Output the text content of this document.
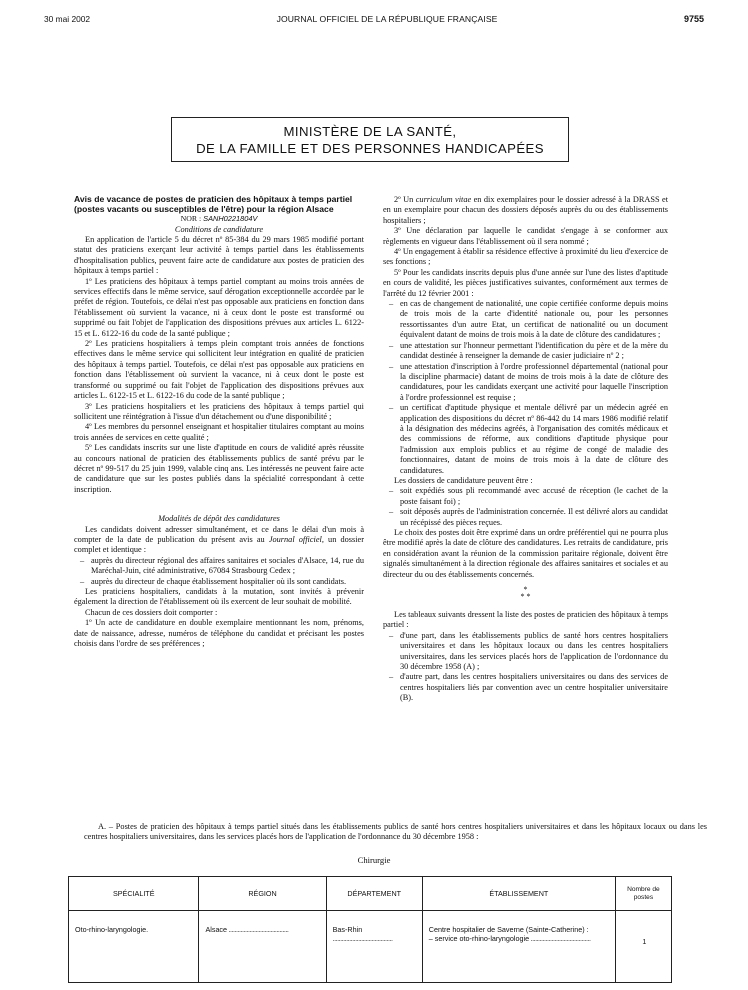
30 mai 2002	JOURNAL OFFICIEL DE LA RÉPUBLIQUE FRANÇAISE	9755
MINISTÈRE DE LA SANTÉ,
DE LA FAMILLE ET DES PERSONNES HANDICAPÉES

Avis de vacance de postes de praticien des hôpitaux à temps partiel (postes vacants ou susceptibles de l'être) pour la région Alsace

NOR : SANH0221804V

Conditions de candidature

En application de l'article 5 du décret nº 85-384 du 29 mars 1985 modifié portant statut des praticiens exerçant leur activité à temps partiel dans les établissements d'hospitalisation publics, peuvent faire acte de candidature aux postes de praticien des hôpitaux à temps partiel :

1º Les praticiens des hôpitaux à temps partiel comptant au moins trois années de services effectifs dans le même service, sauf dérogation exceptionnelle accordée par le préfet de région. Toutefois, ce délai n'est pas opposable aux praticiens en fonction dans l'établissement où survient la vacance, ni à ceux dont le poste est transformé ou supprimé ou fait l'objet de l'application des dispositions prévues aux articles L. 6122-15 et L. 6122-16 du code de la santé publique ;

2º Les praticiens hospitaliers à temps plein comptant trois années de fonctions effectives dans le même service qui sollicitent leur intégration en qualité de praticien des hôpitaux à temps partiel. Toutefois, ce délai n'est pas opposable aux praticiens en fonction dans l'établissement où survient la vacance, ni à ceux dont le poste est transformé ou supprimé ou fait l'objet de l'application des dispositions prévues aux articles L. 6122-15 et L. 6122-16 du code de la santé publique ;

3º Les praticiens hospitaliers et les praticiens des hôpitaux à temps partiel qui sollicitent une réintégration à l'issue d'un détachement ou d'une disponibilité ;

4º Les membres du personnel enseignant et hospitalier titulaires comptant au moins trois années de services en cette qualité ;

5º Les candidats inscrits sur une liste d'aptitude en cours de validité après réussite au concours national de praticien des établissements publics de santé prévu par le décret nº 99-517 du 25 juin 1999, valable cinq ans. Les intéressés ne peuvent faire acte de candidature que sur les postes publiés dans la spécialité correspondant à cette inscription.

Modalités de dépôt des candidatures

Les candidats doivent adresser simultanément, et ce dans le délai d'un mois à compter de la date de publication du présent avis au Journal officiel, un dossier complet et identique :

– auprès du directeur régional des affaires sanitaires et sociales d'Alsace, 14, rue du Maréchal-Juin, cité administrative, 67084 Strasbourg Cedex ;

– auprès du directeur de chaque établissement hospitalier où ils sont candidats.

Les praticiens hospitaliers, candidats à la mutation, sont invités à prévenir également la direction de l'établissement où ils exercent de leur souhait de mobilité.

Chacun de ces dossiers doit comporter :

1º Un acte de candidature en double exemplaire mentionnant les nom, prénoms, date de naissance, adresse, numéros de téléphone du candidat et précisant les postes choisis dans l'ordre de ses préférences ;

2º Un curriculum vitae en dix exemplaires pour le dossier adressé à la DRASS et en un exemplaire pour chacun des dossiers déposés auprès du ou des établissements hospitaliers ;

3º Une déclaration par laquelle le candidat s'engage à se conformer aux règlements en vigueur dans l'établissement où il sera nommé ;

4º Un engagement à établir sa résidence effective à proximité du lieu d'exercice de ses fonctions ;

5º Pour les candidats inscrits depuis plus d'une année sur l'une des listes d'aptitude en cours de validité, les pièces justificatives suivantes, conformément aux termes de l'arrêté du 12 février 2001 :

– en cas de changement de nationalité, une copie certifiée conforme depuis moins de trois mois de la carte d'identité nationale ou, pour les personnes ressortissantes d'un autre Etat, un certificat de nationalité ou un document équivalent datant de moins de trois mois à la date de clôture des candidatures ;

– une attestation sur l'honneur permettant l'identification du père et de la mère du candidat destinée à renseigner la demande de casier judiciaire nº 2 ;

– une attestation d'inscription à l'ordre professionnel départemental (national pour la discipline pharmacie) datant de moins de trois mois à la date de clôture des candidatures, pour les candidats exerçant une activité pour laquelle l'inscription à l'ordre professionnel est requise ;

– un certificat d'aptitude physique et mentale délivré par un médecin agréé en application des dispositions du décret nº 86-442 du 14 mars 1986 modifié relatif à la désignation des médecins agréés, à l'organisation des comités médicaux et des commissions de réforme, aux conditions d'aptitude physique pour l'admission aux emplois publics et au régime de congé de maladie des fonctionnaires, datant de moins de trois mois à la date de clôture des candidatures.

Les dossiers de candidature peuvent être :

– soit expédiés sous pli recommandé avec accusé de réception (le cachet de la poste faisant foi) ;

– soit déposés auprès de l'administration concernée. Il est délivré alors au candidat un récépissé des pièces reçues.

Le choix des postes doit être exprimé dans un ordre préférentiel qui ne pourra plus être modifié après la date de clôture des candidatures. Les retraits de candidature, pris en considération avant la réunion de la commission paritaire régionale, doivent être signalés simultanément à la direction régionale des affaires sanitaires et sociales et au directeur du ou des établissements concernés.

*
* *

Les tableaux suivants dressent la liste des postes de praticien des hôpitaux à temps partiel :

– d'une part, dans les établissements publics de santé hors centres hospitaliers universitaires et dans les hôpitaux locaux ou dans les centres hospitaliers universitaires, dans les services placés hors de l'application de l'ordonnance du 30 décembre 1958 (A) ;

– d'autre part, dans les centres hospitaliers universitaires ou dans des services de centres hospitaliers liés par convention avec un centre hospitalier universitaire (B).

A. – Postes de praticien des hôpitaux à temps partiel situés dans les établissements publics de santé hors centres hospitaliers universitaires et dans les hôpitaux locaux ou dans les centres hospitaliers universitaires, dans les services placés hors de l'application de l'ordonnance du 30 décembre 1958 :

Chirurgie
SPÉCIALITÉ	RÉGION	DÉPARTEMENT	ÉTABLISSEMENT	Nombre de postes
Oto-rhino-laryngologie.	Alsace .....	Bas-Rhin .....	Centre hospitalier de Saverne (Sainte-Catherine) :
– service oto-rhino-laryngologie .....	1
